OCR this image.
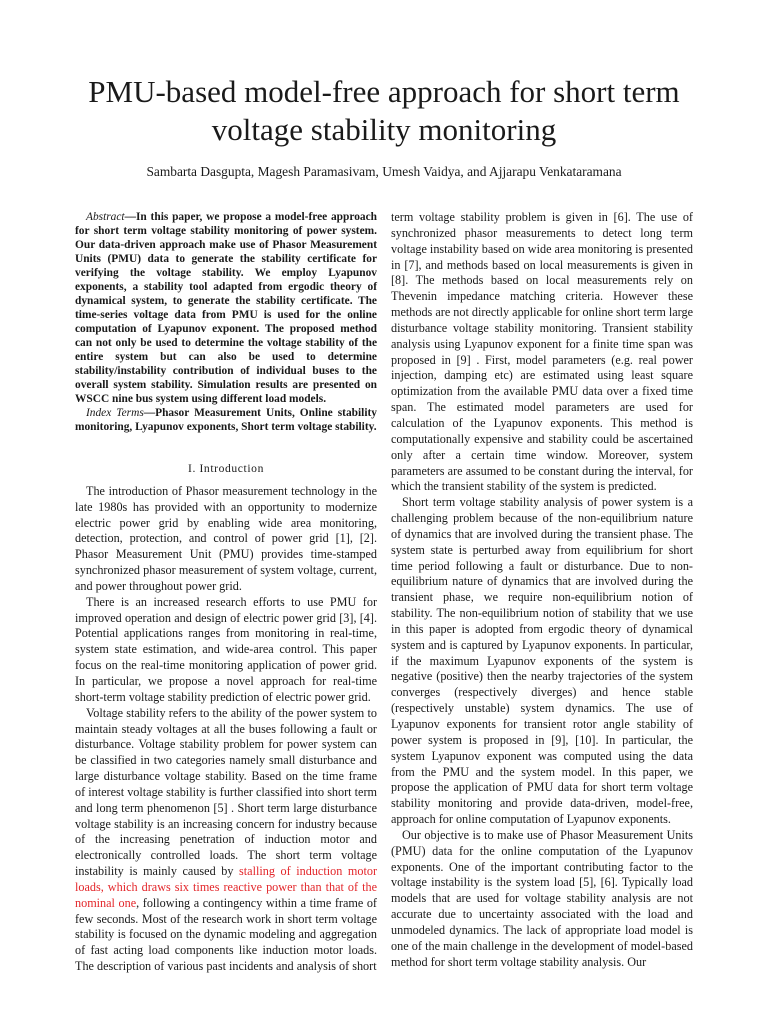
PMU-based model-free approach for short term voltage stability monitoring
Sambarta Dasgupta, Magesh Paramasivam, Umesh Vaidya, and Ajjarapu Venkataramana

Abstract—In this paper, we propose a model-free approach for short term voltage stability monitoring of power system. Our data-driven approach make use of Phasor Measurement Units (PMU) data to generate the stability certificate for verifying the voltage stability. We employ Lyapunov exponents, a stability tool adapted from ergodic theory of dynamical system, to generate the stability certificate. The time-series voltage data from PMU is used for the online computation of Lyapunov exponent. The proposed method can not only be used to determine the voltage stability of the entire system but can also be used to determine stability/instability contribution of individual buses to the overall system stability. Simulation results are presented on WSCC nine bus system using different load models.

Index Terms—Phasor Measurement Units, Online stability monitoring, Lyapunov exponents, Short term voltage stability.

I. Introduction

The introduction of Phasor measurement technology in the late 1980s has provided with an opportunity to modernize electric power grid by enabling wide area monitoring, detection, protection, and control of power grid [1], [2]. Phasor Measurement Unit (PMU) provides time-stamped synchronized phasor measurement of system voltage, current, and power throughout power grid.

There is an increased research efforts to use PMU for improved operation and design of electric power grid [3], [4]. Potential applications ranges from monitoring in real-time, system state estimation, and wide-area control. This paper focus on the real-time monitoring application of power grid. In particular, we propose a novel approach for real-time short-term voltage stability prediction of electric power grid.

Voltage stability refers to the ability of the power system to maintain steady voltages at all the buses following a fault or disturbance. Voltage stability problem for power system can be classified in two categories namely small disturbance and large disturbance voltage stability. Based on the time frame of interest voltage stability is further classified into short term and long term phenomenon [5] . Short term large disturbance voltage stability is an increasing concern for industry because of the increasing penetration of induction motor and electronically controlled loads. The short term voltage instability is mainly caused by stalling of induction motor loads, which draws six times reactive power than that of the nominal one, following a contingency within a time frame of few seconds. Most of the research work in short term voltage stability is focused on the dynamic modeling and aggregation of fast acting load components like induction motor loads. The description of various past incidents and analysis of short

term voltage stability problem is given in [6]. The use of synchronized phasor measurements to detect long term voltage instability based on wide area monitoring is presented in [7], and methods based on local measurements is given in [8]. The methods based on local measurements rely on Thevenin impedance matching criteria. However these methods are not directly applicable for online short term large disturbance voltage stability monitoring. Transient stability analysis using Lyapunov exponent for a finite time span was proposed in [9] . First, model parameters (e.g. real power injection, damping etc) are estimated using least square optimization from the available PMU data over a fixed time span. The estimated model parameters are used for calculation of the Lyapunov exponents. This method is computationally expensive and stability could be ascertained only after a certain time window. Moreover, system parameters are assumed to be constant during the interval, for which the transient stability of the system is predicted.

Short term voltage stability analysis of power system is a challenging problem because of the non-equilibrium nature of dynamics that are involved during the transient phase. The system state is perturbed away from equilibrium for short time period following a fault or disturbance. Due to non-equilibrium nature of dynamics that are involved during the transient phase, we require non-equilibrium notion of stability. The non-equilibrium notion of stability that we use in this paper is adopted from ergodic theory of dynamical system and is captured by Lyapunov exponents. In particular, if the maximum Lyapunov exponents of the system is negative (positive) then the nearby trajectories of the system converges (respectively diverges) and hence stable (respectively unstable) system dynamics. The use of Lyapunov exponents for transient rotor angle stability of power system is proposed in [9], [10]. In particular, the system Lyapunov exponent was computed using the data from the PMU and the system model. In this paper, we propose the application of PMU data for short term voltage stability monitoring and provide data-driven, model-free, approach for online computation of Lyapunov exponents.

Our objective is to make use of Phasor Measurement Units (PMU) data for the online computation of the Lyapunov exponents. One of the important contributing factor to the voltage instability is the system load [5], [6]. Typically load models that are used for voltage stability analysis are not accurate due to uncertainty associated with the load and unmodeled dynamics. The lack of appropriate load model is one of the main challenge in the development of model-based method for short term voltage stability analysis. Our
